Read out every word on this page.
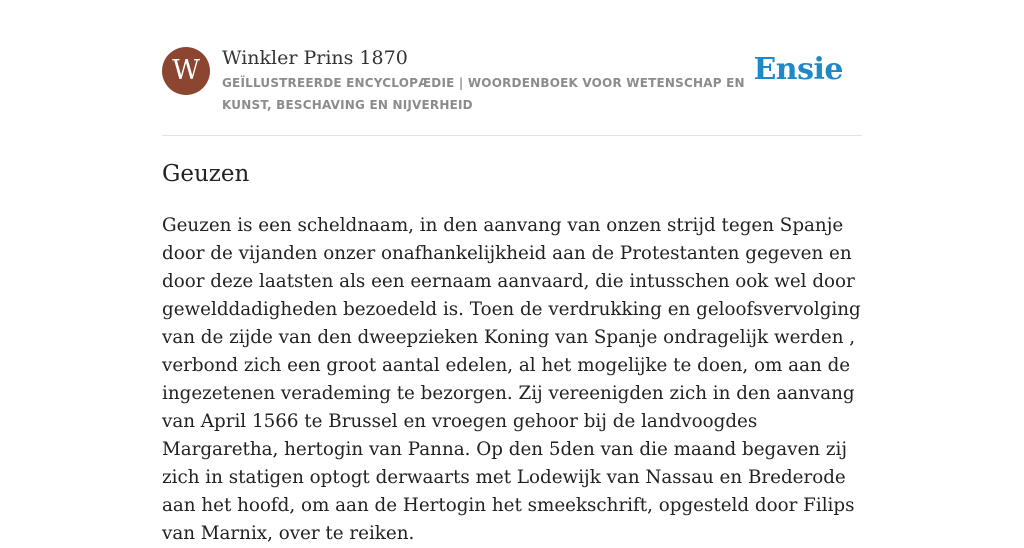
W	Winkler Prins 1870
GEÏLLUSTREERDE ENCYCLOPÆDIE | WOORDENBOEK VOOR WETENSCHAP EN KUNST, BESCHAVING EN NIJVERHEID
Ensie
Geuzen

Geuzen is een scheldnaam, in den aanvang van onzen strijd tegen Spanje door de vijanden onzer onafhankelijkheid aan de Protestanten gegeven en door deze laatsten als een eernaam aanvaard, die intusschen ook wel door gewelddadigheden bezoedeld is. Toen de verdrukking en geloofsvervolging van de zijde van den dweepzieken Koning van Spanje ondragelijk werden , verbond zich een groot aantal edelen, al het mogelijke te doen, om aan de ingezetenen verademing te bezorgen. Zij vereenigden zich in den aanvang van April 1566 te Brussel en vroegen gehoor bij de landvoogdes Margaretha, hertogin van Panna. Op den 5den van die maand begaven zij zich in statigen optogt derwaarts met Lodewijk van Nassau en Brederode aan het hoofd, om aan de Hertogin het smeekschrift, opgesteld door Filips van Marnix, over te reiken.
